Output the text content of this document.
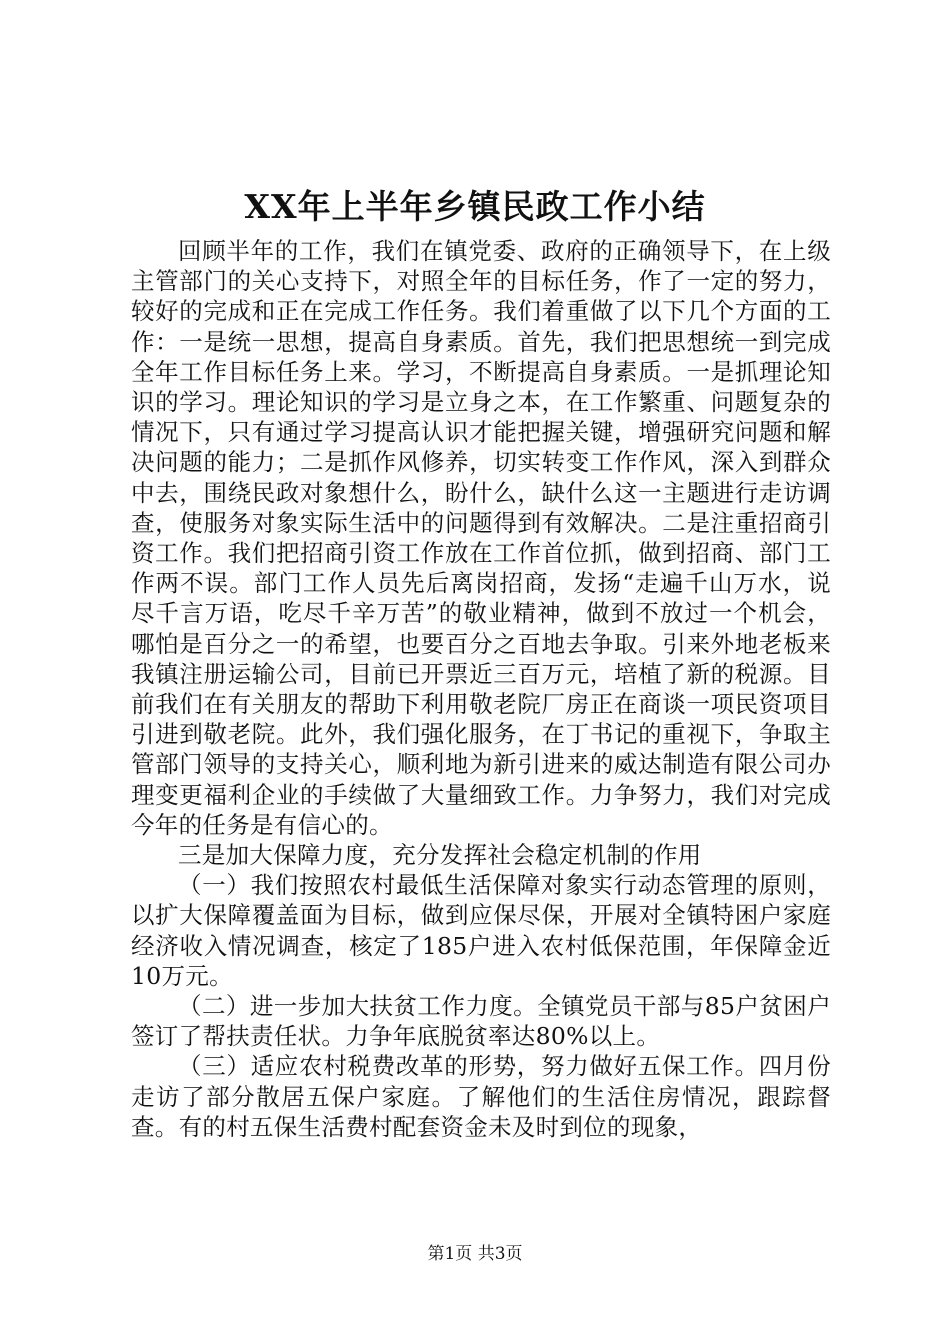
XX年上半年乡镇民政工作小结

回顾半年的工作，我们在镇党委、政府的正确领导下，在上级主管部门的关心支持下，对照全年的目标任务，作了一定的努力，较好的完成和正在完成工作任务。我们着重做了以下几个方面的工作：一是统一思想，提高自身素质。首先，我们把思想统一到完成全年工作目标任务上来。学习，不断提高自身素质。一是抓理论知识的学习。理论知识的学习是立身之本，在工作繁重、问题复杂的情况下，只有通过学习提高认识才能把握关键，增强研究问题和解决问题的能力；二是抓作风修养，切实转变工作作风，深入到群众中去，围绕民政对象想什么，盼什么，缺什么这一主题进行走访调查，使服务对象实际生活中的问题得到有效解决。二是注重招商引资工作。我们把招商引资工作放在工作首位抓，做到招商、部门工作两不误。部门工作人员先后离岗招商，发扬“走遍千山万水，说尽千言万语，吃尽千辛万苦”的敬业精神，做到不放过一个机会，哪怕是百分之一的希望，也要百分之百地去争取。引来外地老板来我镇注册运输公司，目前已开票近三百万元，培植了新的税源。目前我们在有关朋友的帮助下利用敬老院厂房正在商谈一项民资项目引进到敬老院。此外，我们强化服务，在丁书记的重视下，争取主管部门领导的支持关心，顺利地为新引进来的威达制造有限公司办理变更福利企业的手续做了大量细致工作。力争努力，我们对完成今年的任务是有信心的。

三是加大保障力度，充分发挥社会稳定机制的作用

（一）我们按照农村最低生活保障对象实行动态管理的原则，以扩大保障覆盖面为目标，做到应保尽保，开展对全镇特困户家庭经济收入情况调查，核定了185户进入农村低保范围，年保障金近10万元。

（二）进一步加大扶贫工作力度。全镇党员干部与85户贫困户签订了帮扶责任状。力争年底脱贫率达80%以上。

（三）适应农村税费改革的形势，努力做好五保工作。四月份走访了部分散居五保户家庭。了解他们的生活住房情况，跟踪督查。有的村五保生活费村配套资金未及时到位的现象，

第1页 共3页
